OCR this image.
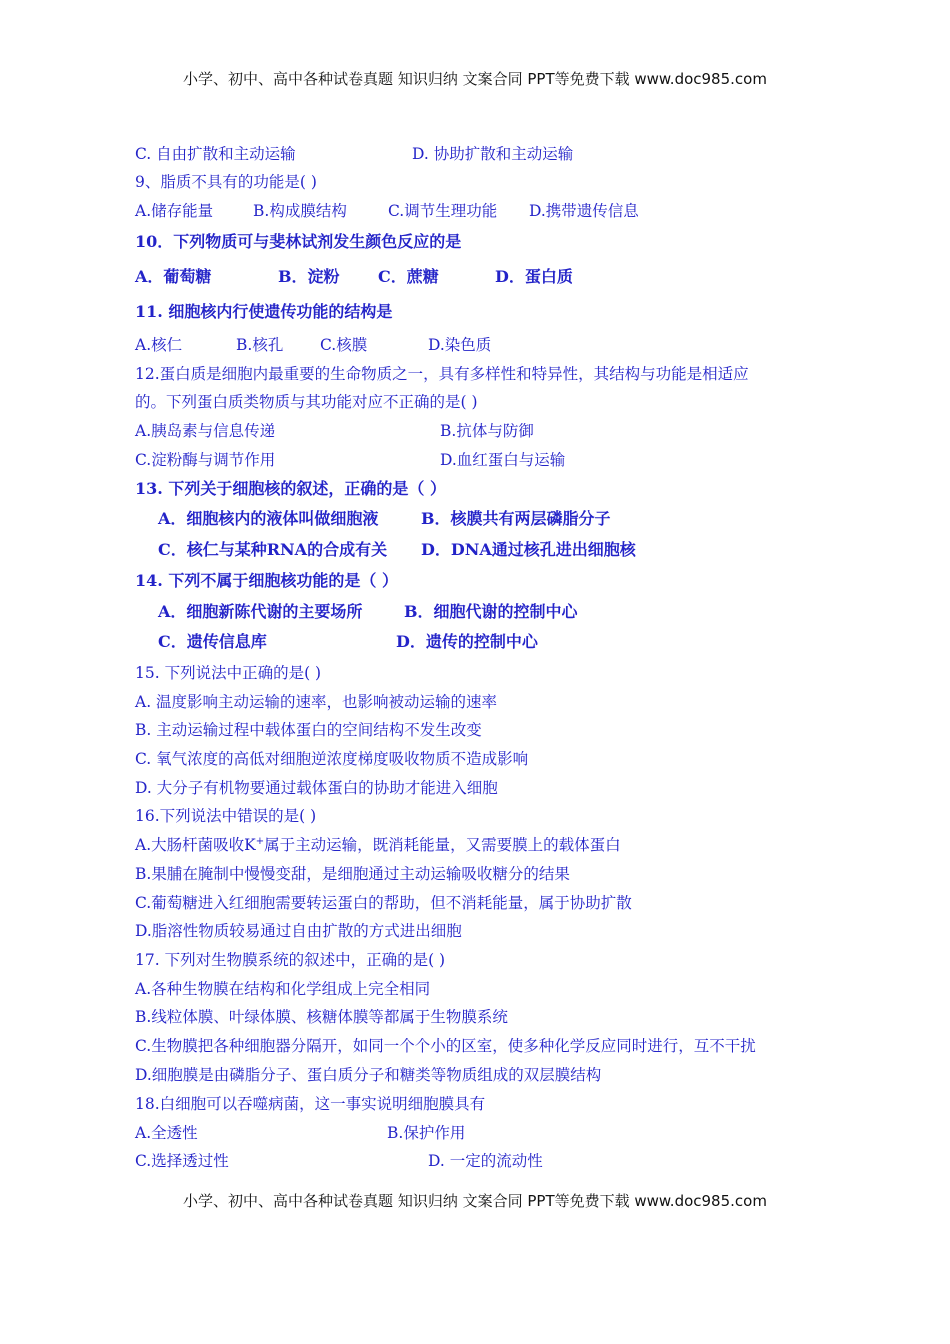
小学、初中、高中各种试卷真题 知识归纳 文案合同 PPT等免费下载 www.doc985.com
C. 自由扩散和主动运输	D. 协助扩散和主动运输
9、脂质不具有的功能是( )
A.储存能量	B.构成膜结构	C.调节生理功能 D.携带遗传信息
10．下列物质可与斐林试剂发生颜色反应的是
A．葡萄糖	B．淀粉 C．蔗糖	D．蛋白质
11. 细胞核内行使遗传功能的结构是
A.核仁	B.核孔 C.核膜	D.染色质
12.蛋白质是细胞内最重要的生命物质之一，具有多样性和特异性，其结构与功能是相适应
的。下列蛋白质类物质与其功能对应不正确的是( )
A.胰岛素与信息传递	B.抗体与防御
C.淀粉酶与调节作用	D.血红蛋白与运输
13. 下列关于细胞核的叙述，正确的是（ ）
A．细胞核内的液体叫做细胞液	B．核膜共有两层磷脂分子
C．核仁与某种RNA的合成有关 D．DNA通过核孔进出细胞核
14. 下列不属于细胞核功能的是（ ）
A．细胞新陈代谢的主要场所	B．细胞代谢的控制中心
C．遗传信息库	D．遗传的控制中心
15. 下列说法中正确的是( )
A. 温度影响主动运输的速率，也影响被动运输的速率
B. 主动运输过程中载体蛋白的空间结构不发生改变
C. 氧气浓度的高低对细胞逆浓度梯度吸收物质不造成影响
D. 大分子有机物要通过载体蛋白的协助才能进入细胞
16.下列说法中错误的是( )
A.大肠杆菌吸收K+属于主动运输，既消耗能量，又需要膜上的载体蛋白
B.果脯在腌制中慢慢变甜，是细胞通过主动运输吸收糖分的结果
C.葡萄糖进入红细胞需要转运蛋白的帮助，但不消耗能量，属于协助扩散
D.脂溶性物质较易通过自由扩散的方式进出细胞
17. 下列对生物膜系统的叙述中，正确的是( )
A.各种生物膜在结构和化学组成上完全相同
B.线粒体膜、叶绿体膜、核糖体膜等都属于生物膜系统
C.生物膜把各种细胞器分隔开，如同一个个小的区室，使多种化学反应同时进行，互不干扰
D.细胞膜是由磷脂分子、蛋白质分子和糖类等物质组成的双层膜结构
18.白细胞可以吞噬病菌，这一事实说明细胞膜具有
A.全透性	B.保护作用
C.选择透过性	D. 一定的流动性
小学、初中、高中各种试卷真题 知识归纳 文案合同 PPT等免费下载 www.doc985.com
